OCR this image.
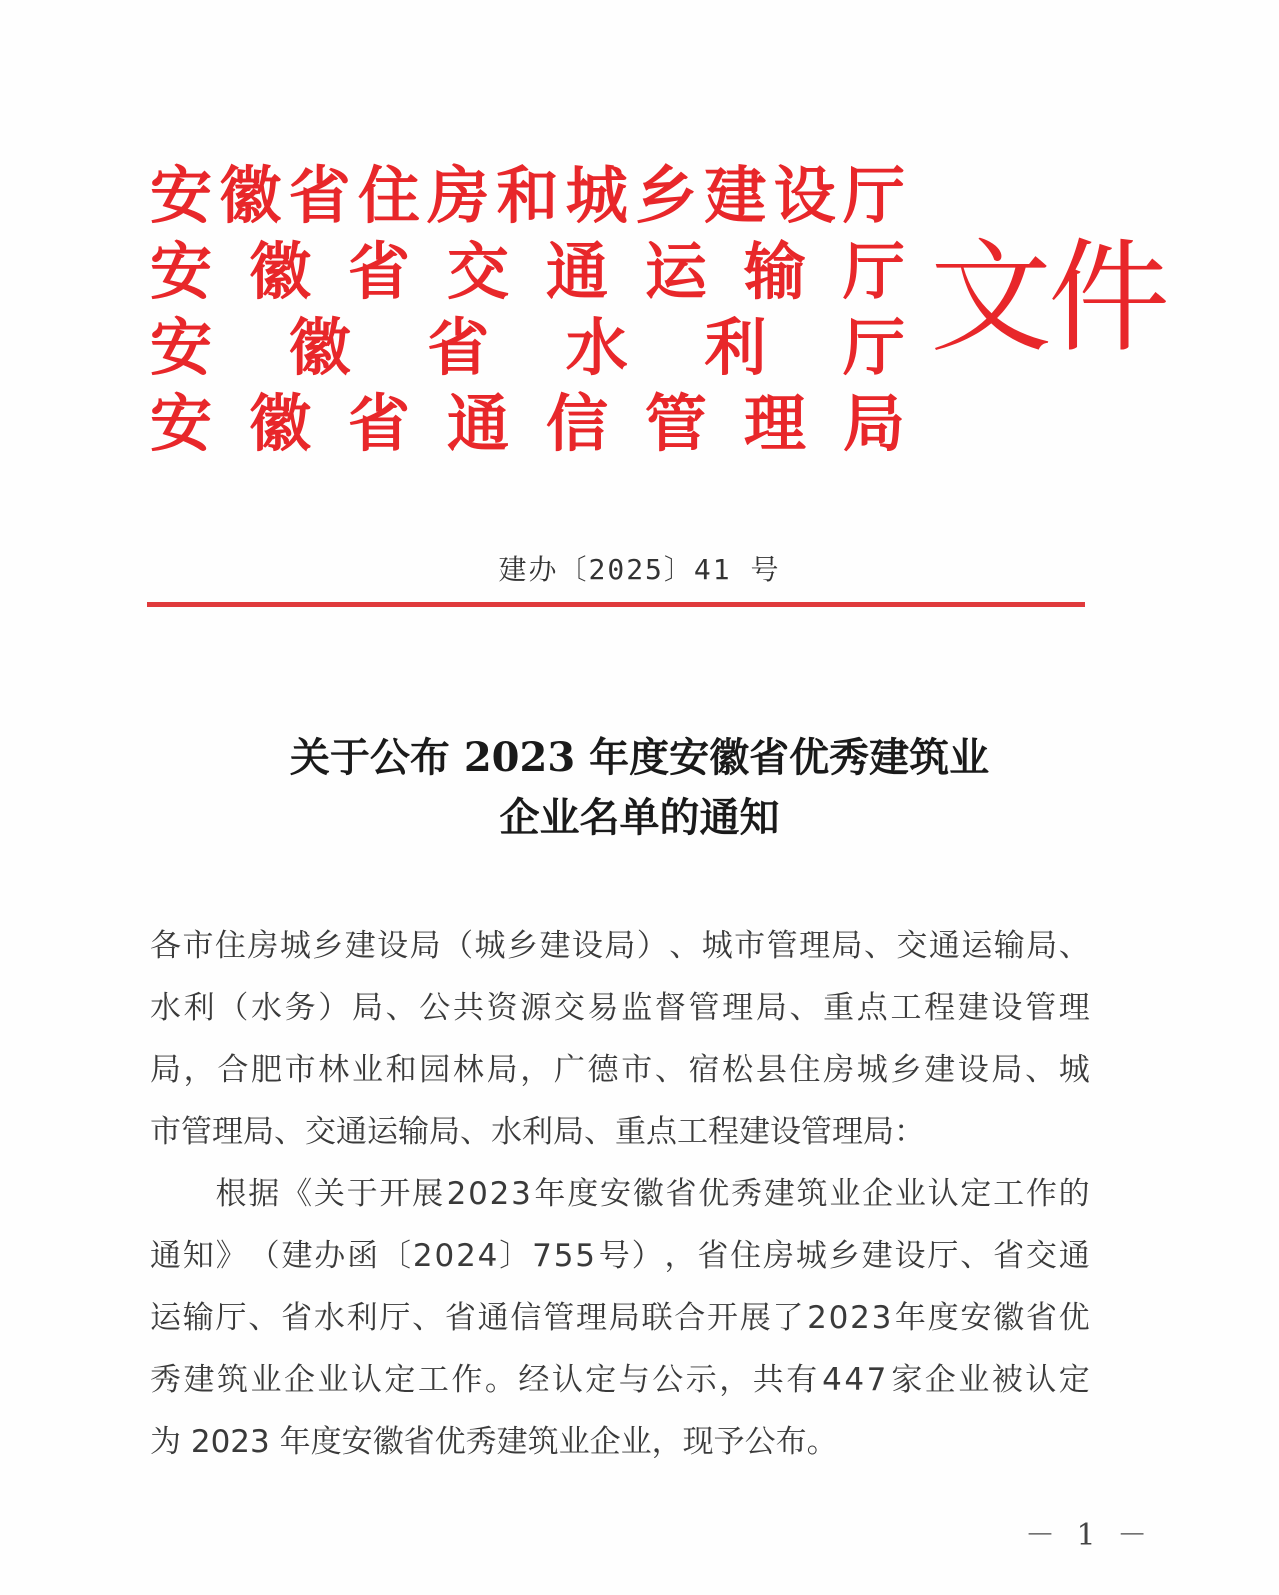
安 徽 省 住 房 和 城 乡 建 设 厅
安 徽 省 交 通 运 输 厅
安 徽 省 水 利 厅
安 徽 省 通 信 管 理 局
文件
建办〔2025〕41 号
关于公布 2023 年度安徽省优秀建筑业
企业名单的通知
各 市 住 房 城 乡 建 设 局 （ 城 乡 建 设 局 ） 、 城 市 管 理 局 、 交 通 运 输 局 、
水 利 （ 水 务 ） 局 、 公 共 资 源 交 易 监 督 管 理 局 、 重 点 工 程 建 设 管 理
局 ， 合 肥 市 林 业 和 园 林 局 ， 广 德 市 、 宿 松 县 住 房 城 乡 建 设 局 、 城
市管理局、交通运输局、水利局、重点工程建设管理局：

根 据 《 关 于 开 展 2 0 2 3 年 度 安 徽 省 优 秀 建 筑 业 企 业 认 定 工 作 的
通 知 》 （ 建 办 函 〔 2 0 2 4 〕 7 5 5 号 ） ， 省 住 房 城 乡 建 设 厅 、 省 交 通
运 输 厅 、 省 水 利 厅 、 省 通 信 管 理 局 联 合 开 展 了 2 0 2 3 年 度 安 徽 省 优
秀 建 筑 业 企 业 认 定 工 作 。 经 认 定 与 公 示 ， 共 有 4 4 7 家 企 业 被 认 定
为 2023 年度安徽省优秀建筑业企业，现予公布。
－ 1 －
